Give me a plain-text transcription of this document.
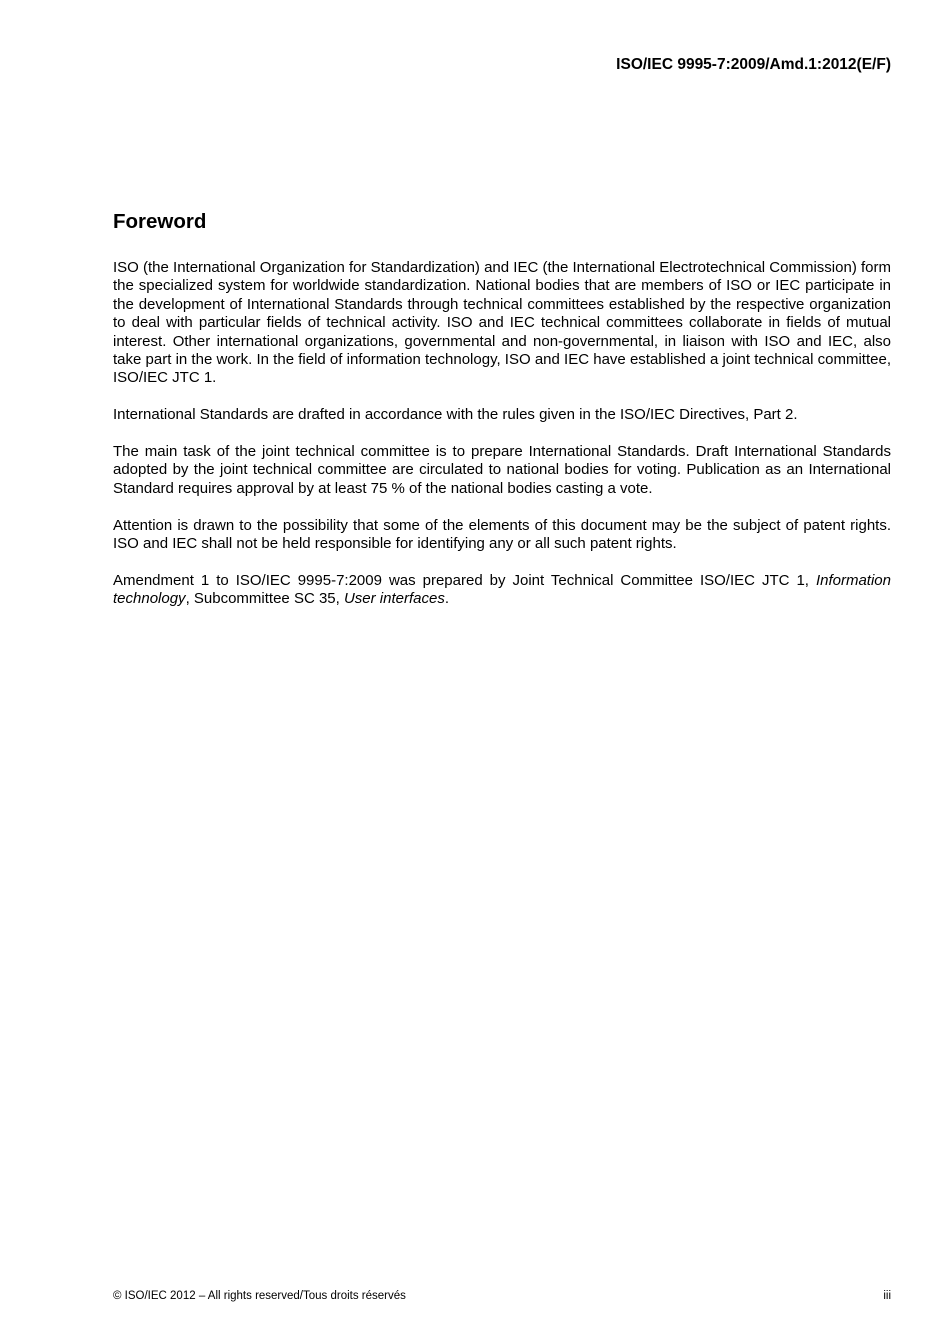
ISO/IEC 9995-7:2009/Amd.1:2012(E/F)
Foreword

ISO (the International Organization for Standardization) and IEC (the International Electrotechnical Commission) form the specialized system for worldwide standardization. National bodies that are members of ISO or IEC participate in the development of International Standards through technical committees established by the respective organization to deal with particular fields of technical activity. ISO and IEC technical committees collaborate in fields of mutual interest. Other international organizations, governmental and non-governmental, in liaison with ISO and IEC, also take part in the work. In the field of information technology, ISO and IEC have established a joint technical committee, ISO/IEC JTC 1.

International Standards are drafted in accordance with the rules given in the ISO/IEC Directives, Part 2.

The main task of the joint technical committee is to prepare International Standards. Draft International Standards adopted by the joint technical committee are circulated to national bodies for voting. Publication as an International Standard requires approval by at least 75 % of the national bodies casting a vote.

Attention is drawn to the possibility that some of the elements of this document may be the subject of patent rights. ISO and IEC shall not be held responsible for identifying any or all such patent rights.

Amendment 1 to ISO/IEC 9995-7:2009 was prepared by Joint Technical Committee ISO/IEC JTC 1, Information technology, Subcommittee SC 35, User interfaces.

© ISO/IEC 2012 – All rights reserved/Tous droits réservés	iii
